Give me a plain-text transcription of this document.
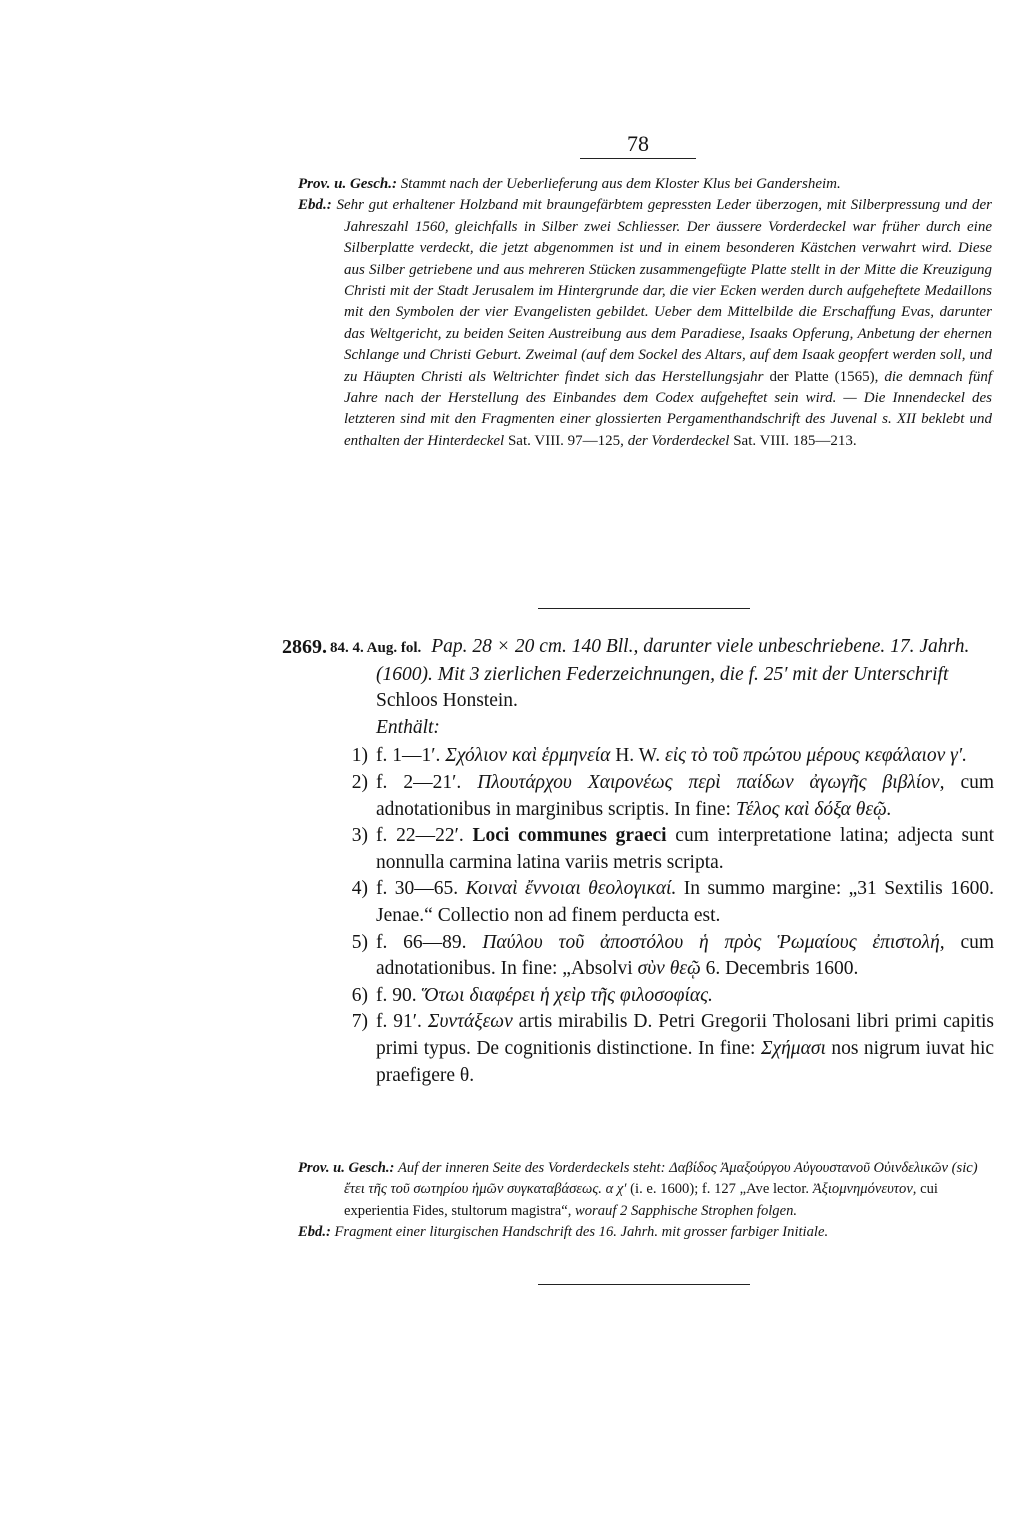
78

Prov. u. Gesch.: Stammt nach der Ueberlieferung aus dem Kloster Klus bei Gandersheim.

Ebd.: Sehr gut erhaltener Holzband mit braungefärbtem gepressten Leder überzogen, mit Silberpressung und der Jahreszahl 1560, gleichfalls in Silber zwei Schliesser. Der äussere Vorderdeckel war früher durch eine Silberplatte verdeckt, die jetzt abgenommen ist und in einem besonderen Kästchen verwahrt wird. Diese aus Silber getriebene und aus mehreren Stücken zusammengefügte Platte stellt in der Mitte die Kreuzigung Christi mit der Stadt Jerusalem im Hintergrunde dar, die vier Ecken werden durch aufgeheftete Medaillons mit den Symbolen der vier Evangelisten gebildet. Ueber dem Mittelbilde die Erschaffung Evas, darunter das Weltgericht, zu beiden Seiten Austreibung aus dem Paradiese, Isaaks Opferung, Anbetung der ehernen Schlange und Christi Geburt. Zweimal (auf dem Sockel des Altars, auf dem Isaak geopfert werden soll, und zu Häupten Christi als Weltrichter findet sich das Herstellungsjahr der Platte (1565), die demnach fünf Jahre nach der Herstellung des Einbandes dem Codex aufgeheftet sein wird. — Die Innendeckel des letzteren sind mit den Fragmenten einer glossierten Pergamenthandschrift des Juvenal s. XII beklebt und enthalten der Hinterdeckel Sat. VIII. 97—125, der Vorderdeckel Sat. VIII. 185—213.

2869. 84. 4. Aug. fol. Pap. 28 × 20 cm. 140 Bll., darunter viele unbeschriebene. 17. Jahrh. (1600). Mit 3 zierlichen Federzeichnungen, die f. 25′ mit der Unterschrift Schloos Honstein.

Enthält:

1) f. 1—1′. Σχόλιον καὶ ἑρμηνεία H. W. εἰς τὸ τοῦ πρώτου μέρους κεφάλαιον γ′.

2) f. 2—21′. Πλουτάρχου Χαιρονέως περὶ παίδων ἀγωγῆς βιβλίον, cum adnotationibus in marginibus scriptis. In fine: Τέλος καὶ δόξα θεῷ.

3) f. 22—22′. Loci communes graeci cum interpretatione latina; adjecta sunt nonnulla carmina latina variis metris scripta.

4) f. 30—65. Κοιναὶ ἔννοιαι θεολογικαί. In summo margine: „31 Sextilis 1600. Jenae.“ Collectio non ad finem perducta est.

5) f. 66—89. Παύλου τοῦ ἀποστόλου ἡ πρὸς Ῥωμαίους ἐπιστολή, cum adnotationibus. In fine: „Absolvi σὺν θεῷ 6. Decembris 1600.

6) f. 90. Ὅτωι διαφέρει ἡ χεὶρ τῆς φιλοσοφίας.

7) f. 91′. Συντάξεων artis mirabilis D. Petri Gregorii Tholosani libri primi capitis primi typus. De cognitionis distinctione. In fine: Σχήμασι nos nigrum iuvat hic praefigere θ.

Prov. u. Gesch.: Auf der inneren Seite des Vorderdeckels steht: Δαβίδος Ἀμαξούργου Αὐγουστανοῦ Οὐινδελικῶν (sic) ἔτει τῆς τοῦ σωτηρίου ἡμῶν συγκαταβάσεως. α χ′ (i. e. 1600); f. 127 „Ave lector. Ἀξιομνημόνευτον, cui experientia Fides, stultorum magistra“, worauf 2 Sapphische Strophen folgen.

Ebd.: Fragment einer liturgischen Handschrift des 16. Jahrh. mit grosser farbiger Initiale.
